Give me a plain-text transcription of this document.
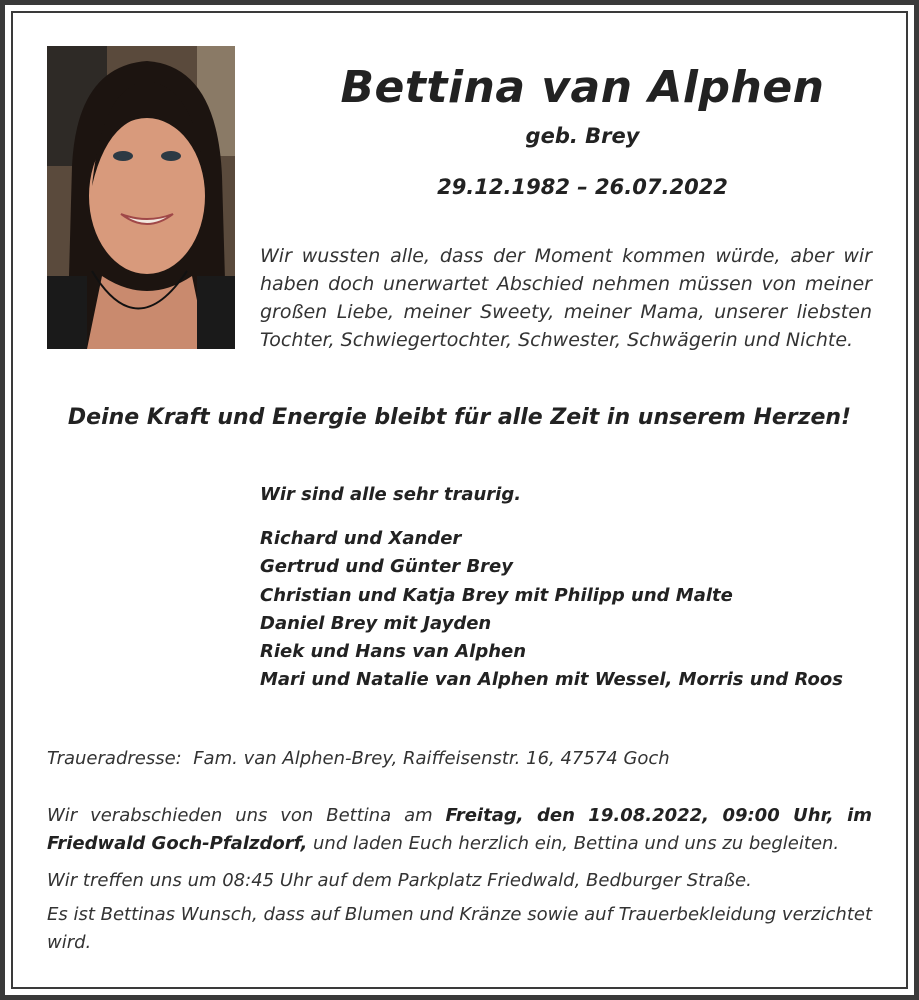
Bettina van Alphen
geb. Brey
29.12.1982 – 26.07.2022
Wir wussten alle, dass der Moment kommen würde, aber wir haben doch unerwartet Abschied nehmen müssen von meiner großen Liebe, meiner Sweety, meiner Mama, unserer liebsten Tochter, Schwiegertochter, Schwester, Schwägerin und Nichte.
Deine Kraft und Energie bleibt für alle Zeit in unserem Herzen!
Wir sind alle sehr traurig.
Richard und Xander
Gertrud und Günter Brey
Christian und Katja Brey mit Philipp und Malte
Daniel Brey mit Jayden
Riek und Hans van Alphen
Mari und Natalie van Alphen mit Wessel, Morris und Roos
Traueradresse: Fam. van Alphen-Brey, Raiffeisenstr. 16, 47574 Goch
Wir verabschieden uns von Bettina am Freitag, den 19.08.2022, 09:00 Uhr, im Friedwald Goch-Pfalzdorf, und laden Euch herzlich ein, Bettina und uns zu begleiten.
Wir treffen uns um 08:45 Uhr auf dem Parkplatz Friedwald, Bedburger Straße.
Es ist Bettinas Wunsch, dass auf Blumen und Kränze sowie auf Trauerbekleidung verzichtet wird.
